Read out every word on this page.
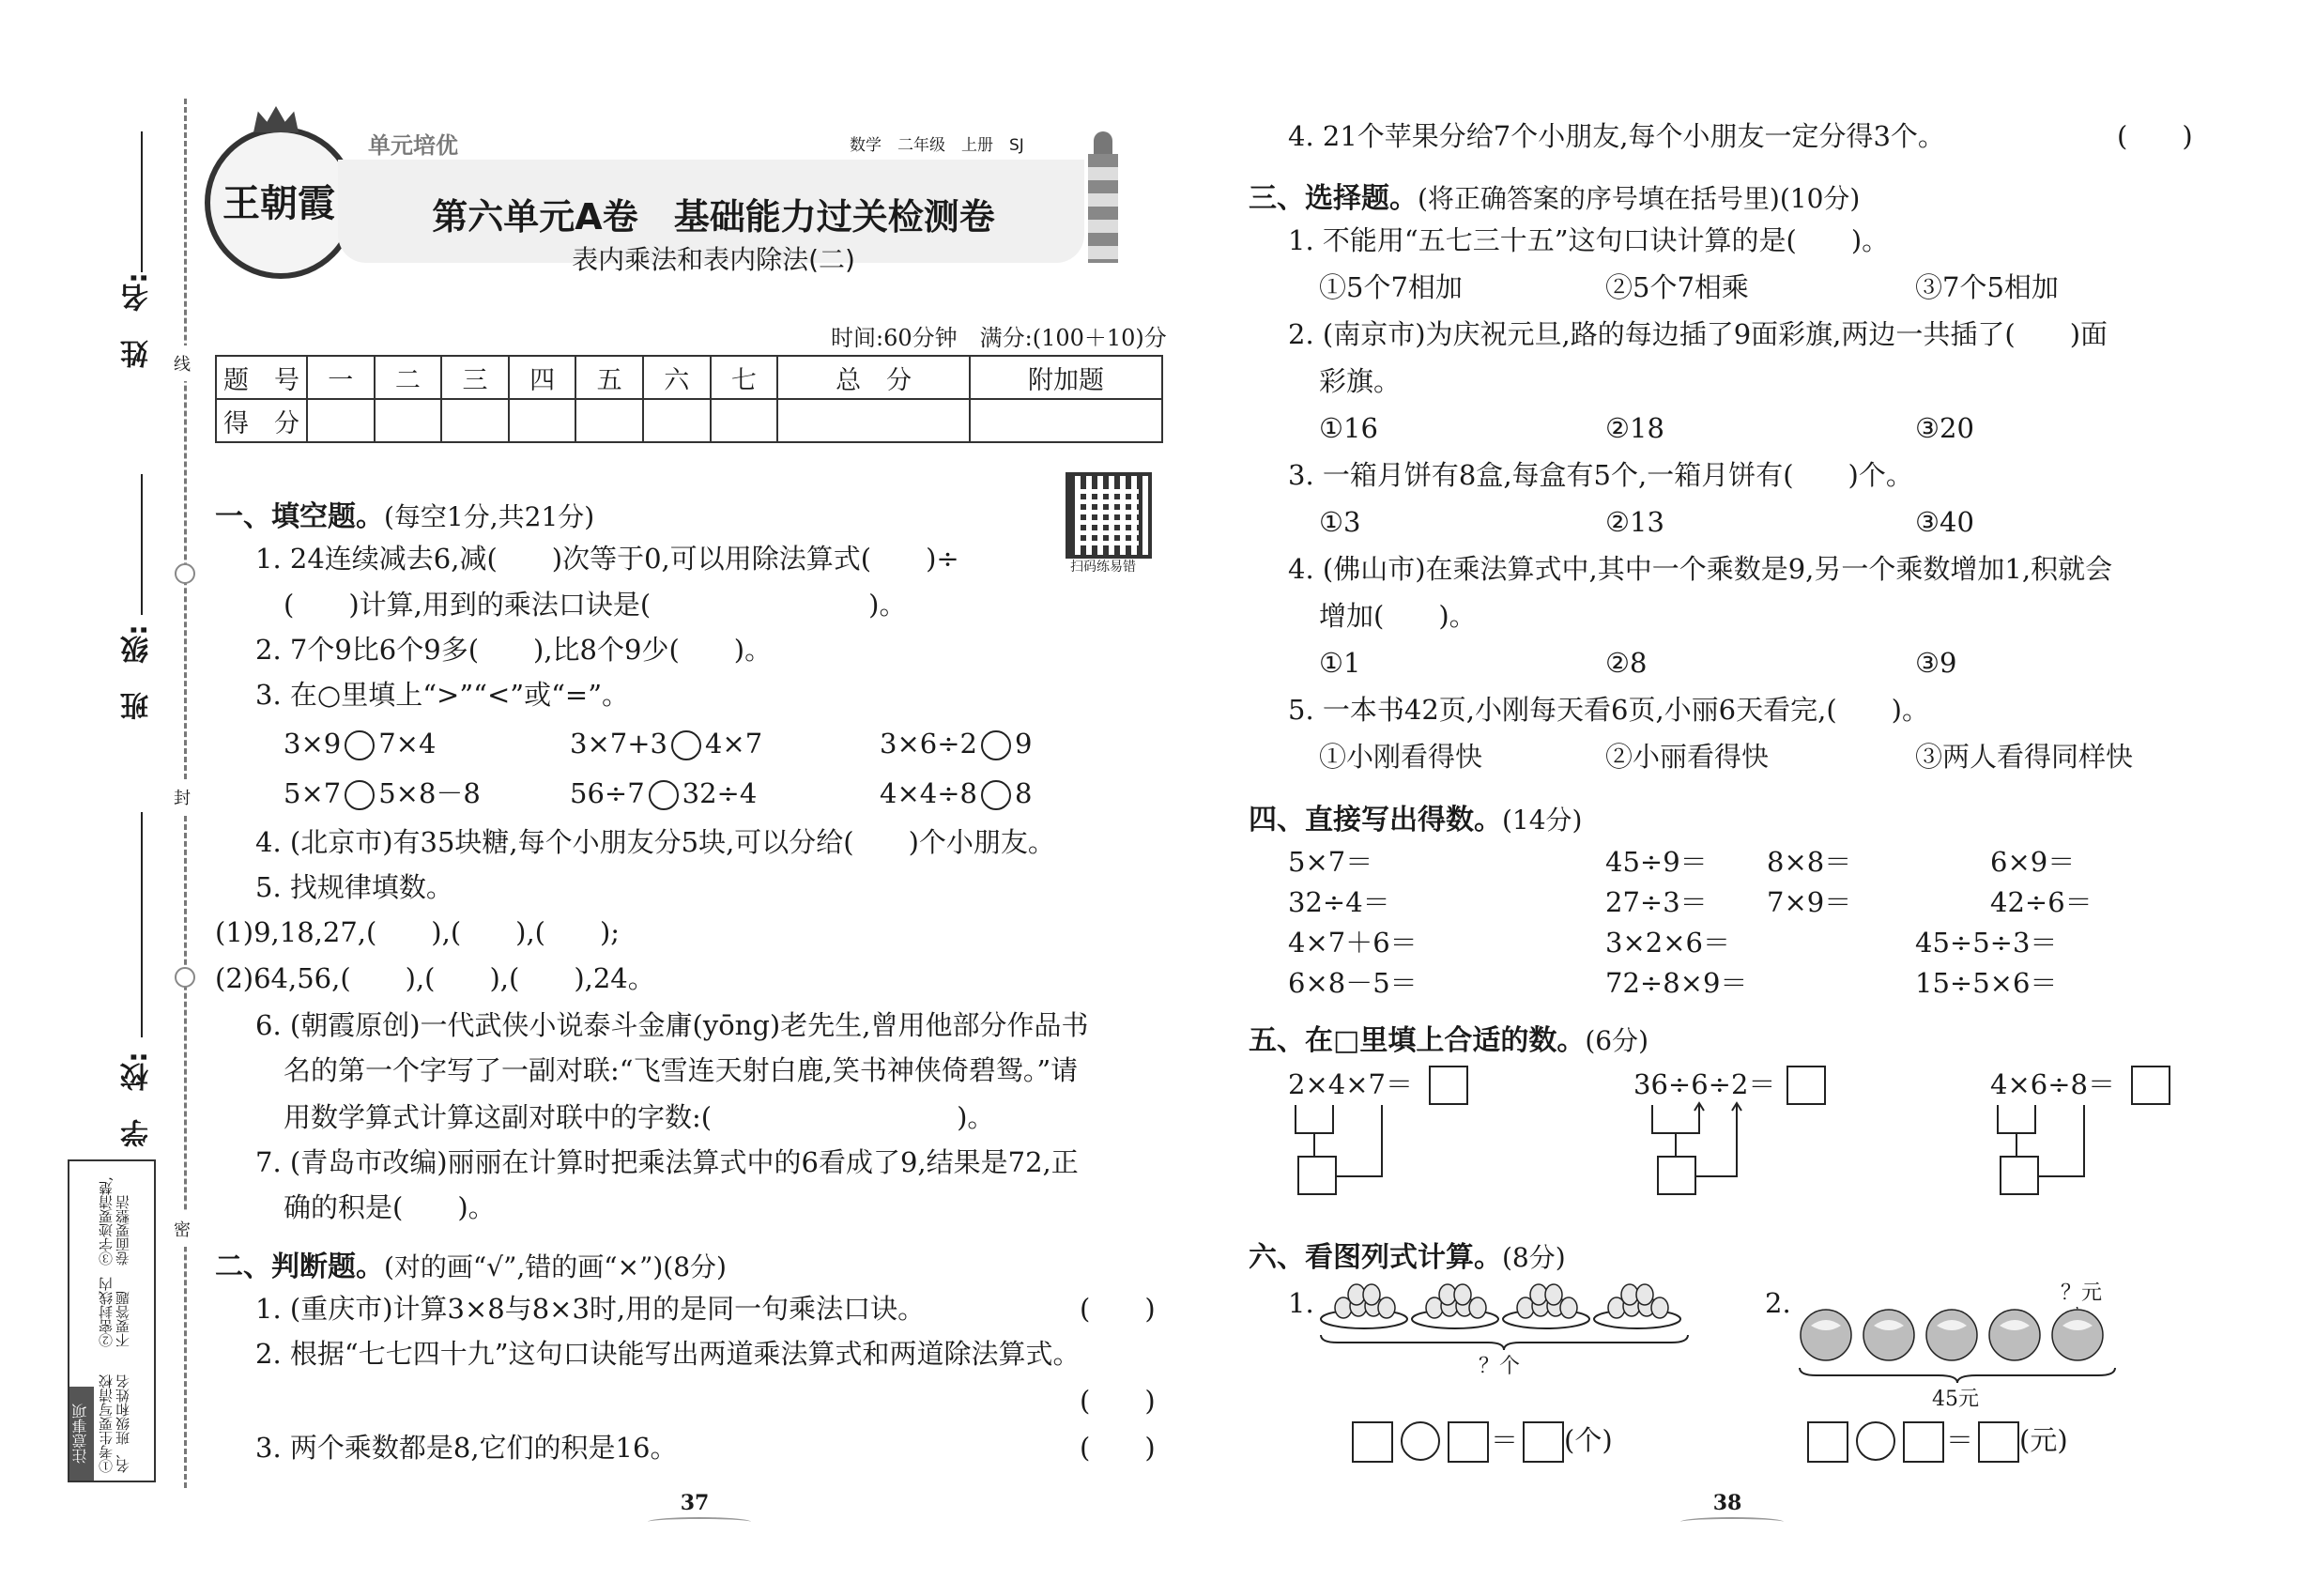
姓　名:
班　级:
学　校:
线
封
密
注意事项 ①考生要写清校名、班级和姓名
②密封线内不要答题
③字迹要清楚,卷面要整洁
王朝霞
单元培优	数学　二年级　上册　SJ
第六单元A卷　基础能力过关检测卷
表内乘法和表内除法(二)
时间:60分钟　满分:(100＋10)分
题　号	一	二	三	四	五	六	七	总　分	附加题
得　分									
扫码练易错
一、填空题。(每空1分,共21分)
1. 24连续减去6,减(　　)次等于0,可以用除法算式(　　)÷
(　　)计算,用到的乘法口诀是(　　　　　　　　)。
2. 7个9比6个9多(　　),比8个9少(　　)。
3. 在○里填上“>”“<”或“=”。
3×9 7×4	3×7+3 4×7	3×6÷2 9
5×7 5×8－8	56÷7 32÷4	4×4÷8 8
4. (北京市)有35块糖,每个小朋友分5块,可以分给(　　)个小朋友。
5. 找规律填数。
(1)9,18,27,(　　),(　　),(　　);
(2)64,56,(　　),(　　),(　　),24。
6. (朝霞原创)一代武侠小说泰斗金庸(yōng)老先生,曾用他部分作品书
名的第一个字写了一副对联:“飞雪连天射白鹿,笑书神侠倚碧鸳。”请
用数学算式计算这副对联中的字数:(　　　　　　　　　)。
7. (青岛市改编)丽丽在计算时把乘法算式中的6看成了9,结果是72,正
确的积是(　　)。
二、判断题。(对的画“√”,错的画“×”)(8分)
1. (重庆市)计算3×8与8×3时,用的是同一句乘法口诀。	(　　)
2. 根据“七七四十九”这句口诀能写出两道乘法算式和两道除法算式。
(　　)
3. 两个乘数都是8,它们的积是16。	(　　)
37
4. 21个苹果分给7个小朋友,每个小朋友一定分得3个。	(　　)
三、选择题。(将正确答案的序号填在括号里)(10分)
1. 不能用“五七三十五”这句口诀计算的是(　　)。
①5个7相加	②5个7相乘	③7个5相加
2. (南京市)为庆祝元旦,路的每边插了9面彩旗,两边一共插了(　　)面
彩旗。
①16	②18	③20
3. 一箱月饼有8盒,每盒有5个,一箱月饼有(　　)个。
①3	②13	③40
4. (佛山市)在乘法算式中,其中一个乘数是9,另一个乘数增加1,积就会
增加(　　)。
①1	②8	③9
5. 一本书42页,小刚每天看6页,小丽6天看完,(　　)。
①小刚看得快	②小丽看得快	③两人看得同样快
四、直接写出得数。(14分)
5×7＝	45÷9＝ 8×8＝	6×9＝
32÷4＝	27÷3＝ 7×9＝	42÷6＝
4×7＋6＝	3×2×6＝	45÷5÷3＝
6×8－5＝	72÷8×9＝	15÷5×6＝
五、在□里填上合适的数。(6分)
2×4×7＝	36÷6÷2＝	4×6÷8＝
六、看图列式计算。(8分)
1.
？个
＝ (个)
2.	？元
45元
＝ (元)
38
